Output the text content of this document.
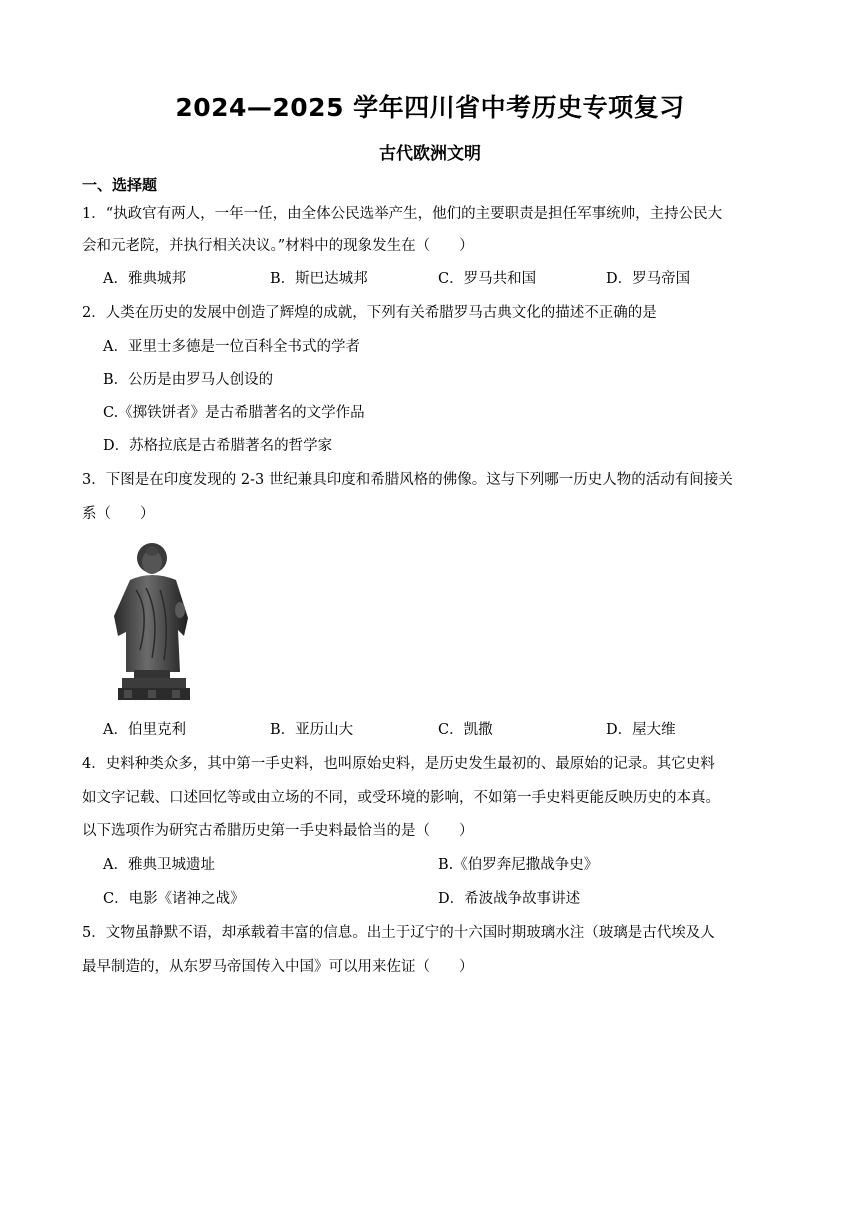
2024—2025 学年四川省中考历史专项复习
古代欧洲文明
一、选择题
1．“执政官有两人，一年一任，由全体公民选举产生，他们的主要职责是担任军事统帅，主持公民大
会和元老院，并执行相关决议。”材料中的现象发生在（　　）
A．雅典城邦	B．斯巴达城邦	C．罗马共和国	D．罗马帝国
2．人类在历史的发展中创造了辉煌的成就，下列有关希腊罗马古典文化的描述不正确的是
A．亚里士多德是一位百科全书式的学者
B．公历是由罗马人创设的
C.《掷铁饼者》是古希腊著名的文学作品
D．苏格拉底是古希腊著名的哲学家
3．下图是在印度发现的 2-3 世纪兼具印度和希腊风格的佛像。这与下列哪一历史人物的活动有间接关
系（　　）
A．伯里克利	B．亚历山大	C．凯撒	D．屋大维
4．史料种类众多，其中第一手史料，也叫原始史料，是历史发生最初的、最原始的记录。其它史料
如文字记载、口述回忆等或由立场的不同，或受环境的影响，不如第一手史料更能反映历史的本真。
以下选项作为研究古希腊历史第一手史料最恰当的是（　　）
A．雅典卫城遗址	B.《伯罗奔尼撒战争史》
C．电影《诸神之战》	D．希波战争故事讲述
5．文物虽静默不语，却承载着丰富的信息。出土于辽宁的十六国时期玻璃水注（玻璃是古代埃及人
最早制造的，从东罗马帝国传入中国》可以用来佐证（　　）
